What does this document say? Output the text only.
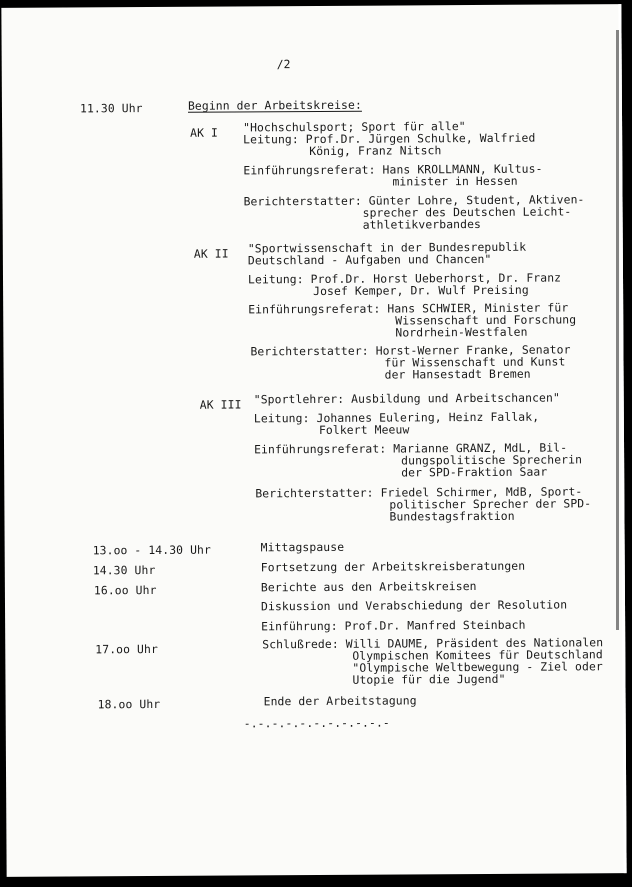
/2
11.30 Uhr	Beginn der Arbeitskreise:
AK I "Hochschulsport; Sport für alle"
Leitung: Prof.Dr. Jürgen Schulke, Walfried
König, Franz Nitsch
Einführungsreferat: Hans KROLLMANN, Kultus-
minister in Hessen
Berichterstatter: Günter Lohre, Student, Aktiven-
sprecher des Deutschen Leicht-
athletikverbandes
AK II "Sportwissenschaft in der Bundesrepublik
Deutschland - Aufgaben und Chancen"
Leitung: Prof.Dr. Horst Ueberhorst, Dr. Franz
Josef Kemper, Dr. Wulf Preising
Einführungsreferat: Hans SCHWIER, Minister für
Wissenschaft und Forschung
Nordrhein-Westfalen
Berichterstatter: Horst-Werner Franke, Senator
für Wissenschaft und Kunst
der Hansestadt Bremen
AK III "Sportlehrer: Ausbildung und Arbeitschancen"
Leitung: Johannes Eulering, Heinz Fallak,
Folkert Meeuw
Einführungsreferat: Marianne GRANZ, MdL, Bil-
dungspolitische Sprecherin
der SPD-Fraktion Saar
Berichterstatter: Friedel Schirmer, MdB, Sport-
politischer Sprecher der SPD-
Bundestagsfraktion
13.oo - 14.30 Uhr	Mittagspause
14.30 Uhr	Fortsetzung der Arbeitskreisberatungen
16.oo Uhr	Berichte aus den Arbeitskreisen
Diskussion und Verabschiedung der Resolution
Einführung: Prof.Dr. Manfred Steinbach
17.oo Uhr	Schlußrede: Willi DAUME, Präsident des Nationalen
Olympischen Komitees für Deutschland
"Olympische Weltbewegung - Ziel oder
Utopie für die Jugend"
18.oo Uhr	Ende der Arbeitstagung
-.-.-.-.-.-.-.-.-.-.-
